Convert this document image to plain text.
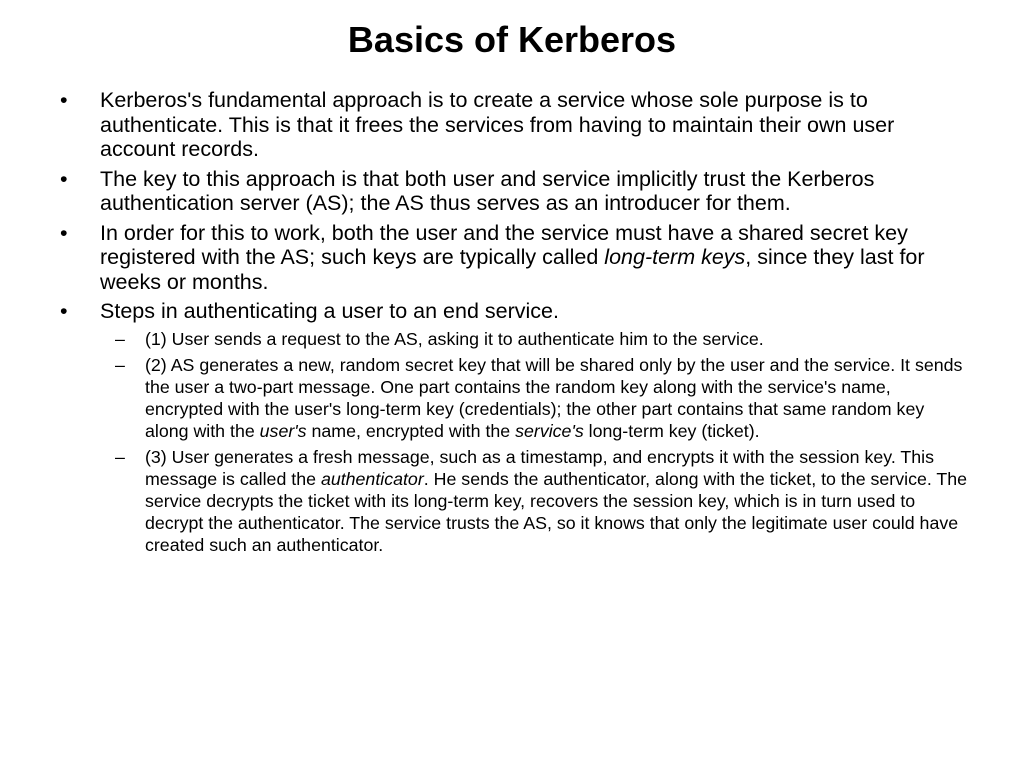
Basics of Kerberos
• Kerberos's fundamental approach is to create a service whose sole purpose is to authenticate. This is that it frees the services from having to maintain their own user account records.
• The key to this approach is that both user and service implicitly trust the Kerberos authentication server (AS); the AS thus serves as an introducer for them.
• In order for this to work, both the user and the service must have a shared secret key registered with the AS; such keys are typically called long-term keys, since they last for weeks or months.
• Steps in authenticating a user to an end service.
– (1) User sends a request to the AS, asking it to authenticate him to the service.
– (2) AS generates a new, random secret key that will be shared only by the user and the service. It sends the user a two-part message. One part contains the random key along with the service's name, encrypted with the user's long-term key (credentials); the other part contains that same random key along with the user's name, encrypted with the service's long-term key (ticket).
– (3) User generates a fresh message, such as a timestamp, and encrypts it with the session key. This message is called the authenticator. He sends the authenticator, along with the ticket, to the service. The service decrypts the ticket with its long-term key, recovers the session key, which is in turn used to decrypt the authenticator. The service trusts the AS, so it knows that only the legitimate user could have created such an authenticator.
